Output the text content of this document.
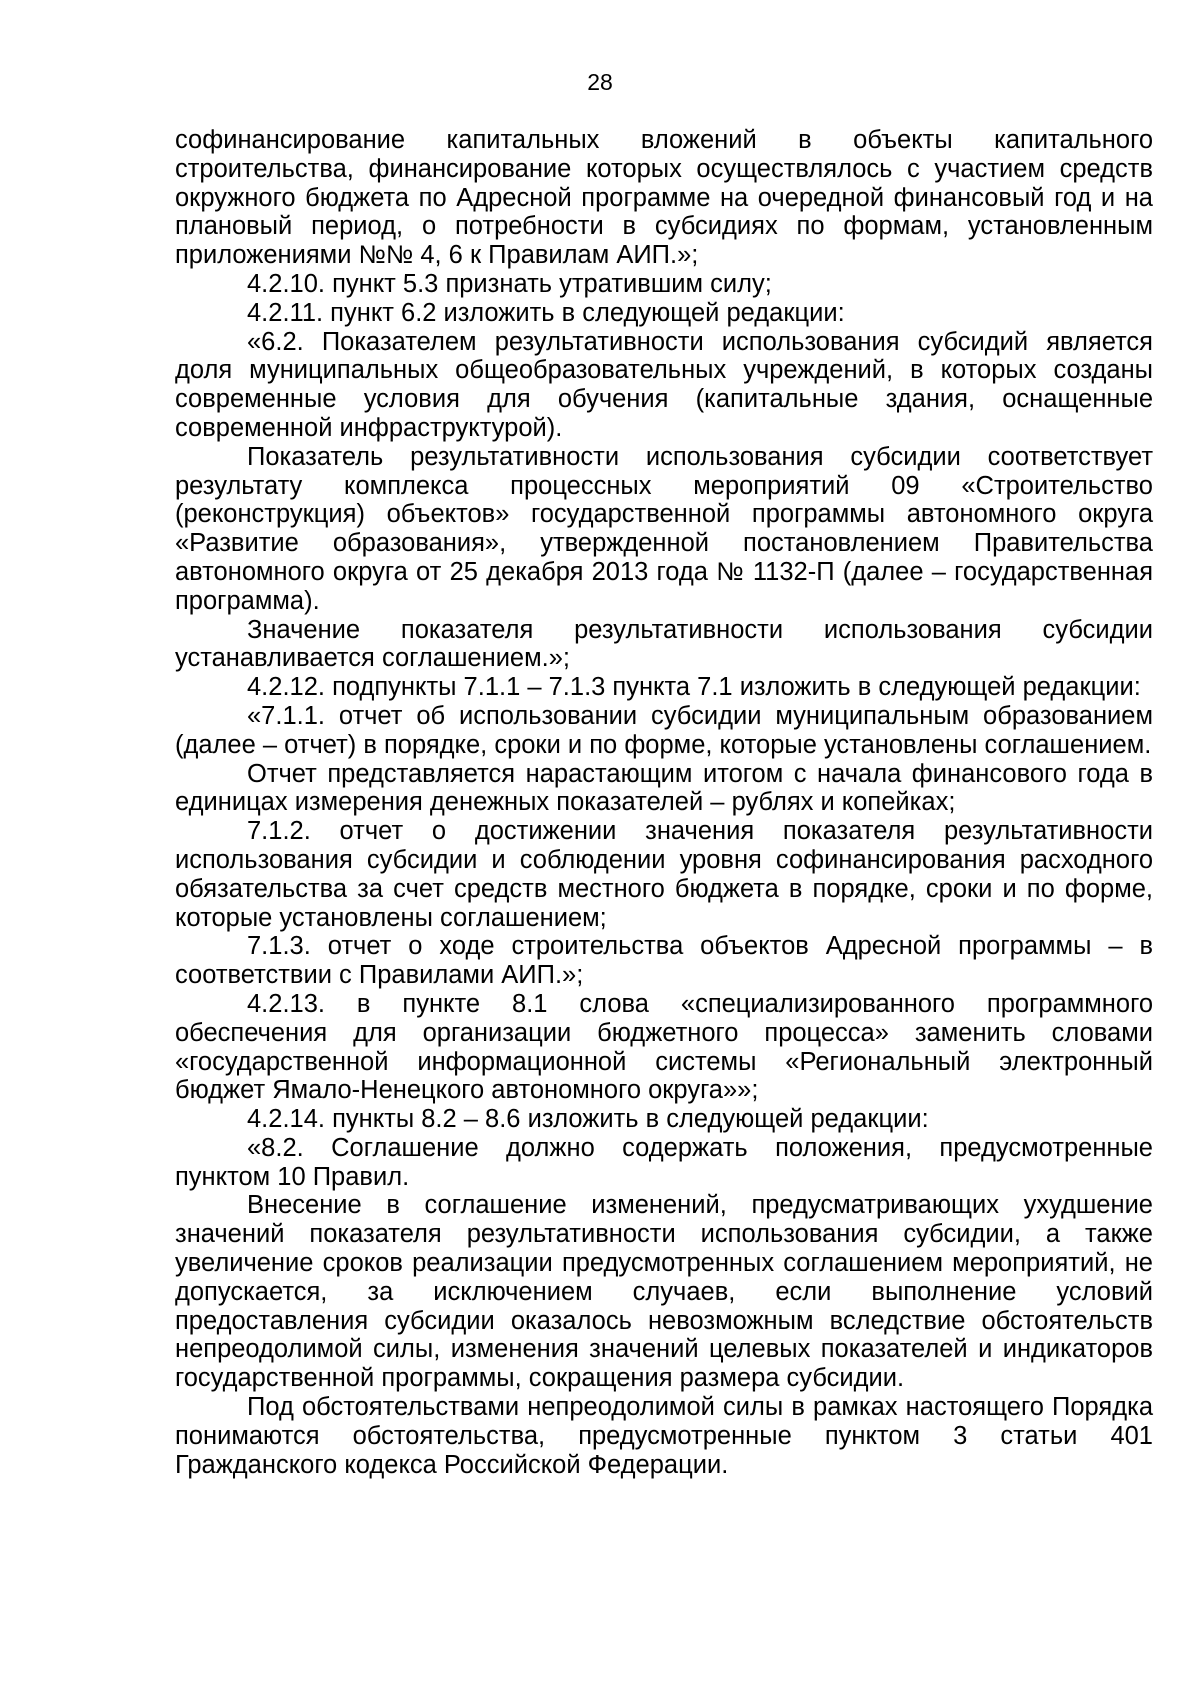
28

софинансирование капитальных вложений в объекты капитального строительства, финансирование которых осуществлялось с участием средств окружного бюджета по Адресной программе на очередной финансовый год и на плановый период, о потребности в субсидиях по формам, установленным приложениями №№ 4, 6 к Правилам АИП.»;

4.2.10. пункт 5.3 признать утратившим силу;

4.2.11. пункт 6.2 изложить в следующей редакции:

«6.2. Показателем результативности использования субсидий является доля муниципальных общеобразовательных учреждений, в которых созданы современные условия для обучения (капитальные здания, оснащенные современной инфраструктурой).

Показатель результативности использования субсидии соответствует результату комплекса процессных мероприятий 09 «Строительство (реконструкция) объектов» государственной программы автономного округа «Развитие образования», утвержденной постановлением Правительства автономного округа от 25 декабря 2013 года № 1132-П (далее – государственная программа).

Значение показателя результативности использования субсидии устанавливается соглашением.»;

4.2.12. подпункты 7.1.1 – 7.1.3 пункта 7.1 изложить в следующей редакции:

«7.1.1. отчет об использовании субсидии муниципальным образованием (далее – отчет) в порядке, сроки и по форме, которые установлены соглашением.

Отчет представляется нарастающим итогом с начала финансового года в единицах измерения денежных показателей – рублях и копейках;

7.1.2. отчет о достижении значения показателя результативности использования субсидии и соблюдении уровня софинансирования расходного обязательства за счет средств местного бюджета в порядке, сроки и по форме, которые установлены соглашением;

7.1.3. отчет о ходе строительства объектов Адресной программы – в соответствии с Правилами АИП.»;

4.2.13. в пункте 8.1 слова «специализированного программного обеспечения для организации бюджетного процесса» заменить словами «государственной информационной системы «Региональный электронный бюджет Ямало-Ненецкого автономного округа»»;

4.2.14. пункты 8.2 – 8.6 изложить в следующей редакции:

«8.2. Соглашение должно содержать положения, предусмотренные пунктом 10 Правил.

Внесение в соглашение изменений, предусматривающих ухудшение значений показателя результативности использования субсидии, а также увеличение сроков реализации предусмотренных соглашением мероприятий, не допускается, за исключением случаев, если выполнение условий предоставления субсидии оказалось невозможным вследствие обстоятельств непреодолимой силы, изменения значений целевых показателей и индикаторов государственной программы, сокращения размера субсидии.

Под обстоятельствами непреодолимой силы в рамках настоящего Порядка понимаются обстоятельства, предусмотренные пунктом 3 статьи 401 Гражданского кодекса Российской Федерации.
